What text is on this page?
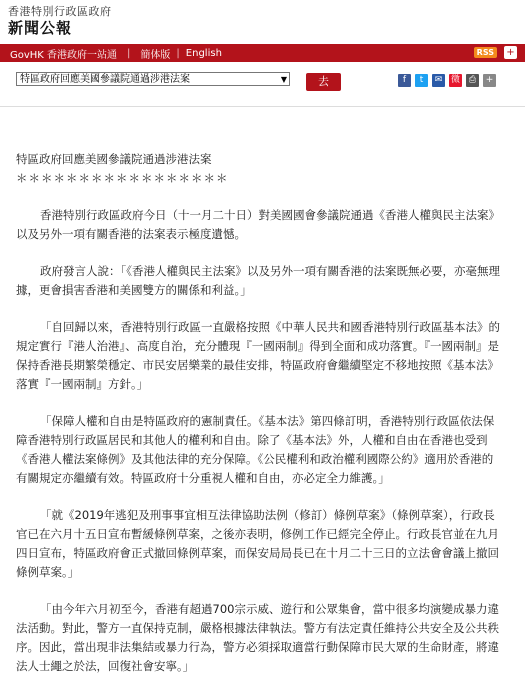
香港特別行政區政府
新聞公報
GovHK 香港政府一站通 | 簡体版 | English	RSS	+
特區政府回應美國參議院通過涉港法案	▼	去	f	t	✉ 微 ⎙	+

特區政府回應美國參議院通過涉港法案

＊＊＊＊＊＊＊＊＊＊＊＊＊＊＊＊＊

香港特別行政區政府今日（十一月二十日）對美國國會參議院通過《香港人權與民主法案》以及另外一項有關香港的法案表示極度遺憾。

政府發言人說：「《香港人權與民主法案》以及另外一項有關香港的法案既無必要，亦毫無理據，更會損害香港和美國雙方的關係和利益。」

「自回歸以來，香港特別行政區一直嚴格按照《中華人民共和國香港特別行政區基本法》的規定實行『港人治港』、高度自治，充分體現『一國兩制』得到全面和成功落實。『一國兩制』是保持香港長期繁榮穩定、市民安居樂業的最佳安排，特區政府會繼續堅定不移地按照《基本法》落實『一國兩制』方針。」

「保障人權和自由是特區政府的憲制責任。《基本法》第四條訂明，香港特別行政區依法保障香港特別行政區居民和其他人的權利和自由。除了《基本法》外，人權和自由在香港也受到《香港人權法案條例》及其他法律的充分保障。《公民權利和政治權利國際公約》適用於香港的有關規定亦繼續有效。特區政府十分重視人權和自由，亦必定全力維護。」

「就《2019年逃犯及刑事事宜相互法律協助法例（修訂）條例草案》（條例草案），行政長官已在六月十五日宣布暫緩條例草案，之後亦表明，修例工作已經完全停止。行政長官並在九月四日宣布，特區政府會正式撤回條例草案，而保安局局長已在十月二十三日的立法會會議上撤回條例草案。」

「由今年六月初至今，香港有超過700宗示威、遊行和公眾集會，當中很多均演變成暴力違法活動。對此，警方一直保持克制，嚴格根據法律執法。警方有法定責任維持公共安全及公共秩序。因此，當出現非法集結或暴力行為，警方必須採取適當行動保障市民大眾的生命財產，將違法人士繩之於法，回復社會安寧。」
